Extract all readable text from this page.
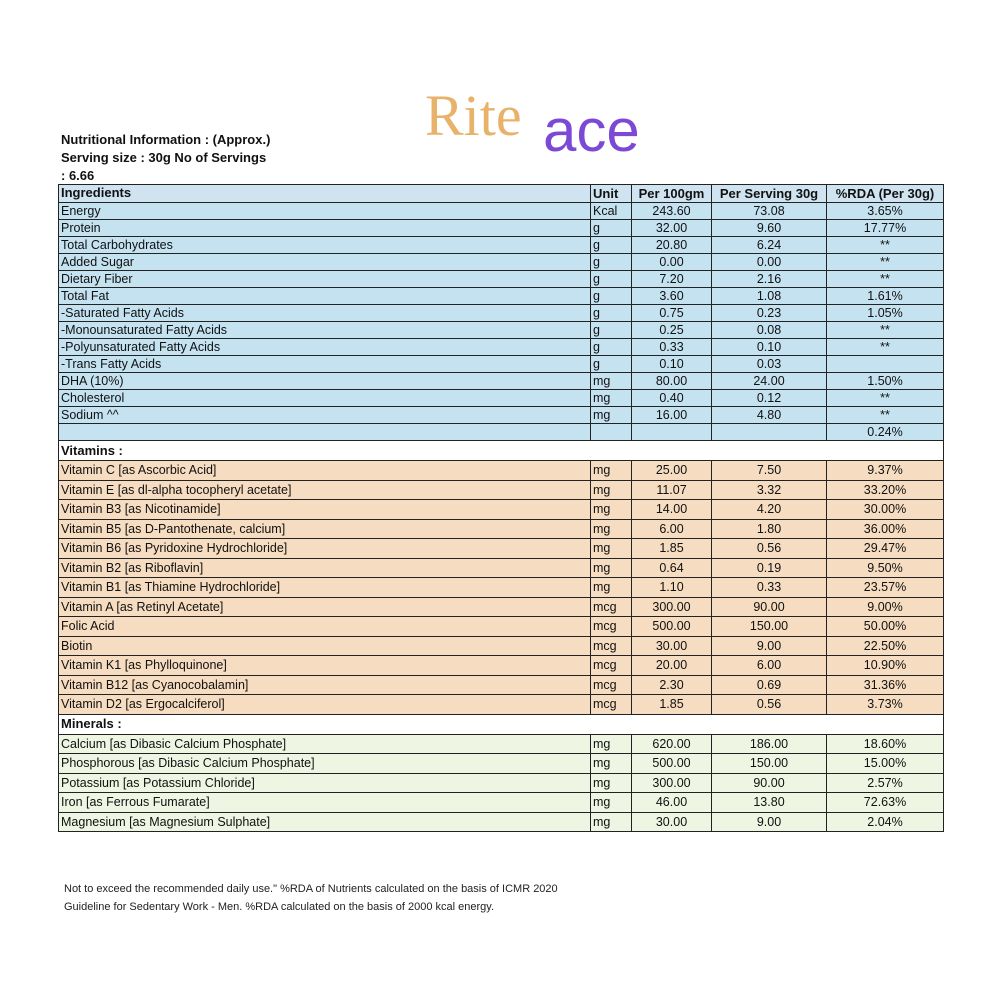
Rite ace
Nutritional Information : (Approx.)
Serving size : 30g No of Servings
: 6.66
Ingredients	Unit	Per 100gm	Per Serving 30g	%RDA (Per 30g)
Energy	Kcal	243.60	73.08	3.65%
Protein	g	32.00	9.60	17.77%
Total Carbohydrates	g	20.80	6.24	**
Added Sugar	g	0.00	0.00	**
Dietary Fiber	g	7.20	2.16	**
Total Fat	g	3.60	1.08	1.61%
-Saturated Fatty Acids	g	0.75	0.23	1.05%
-Monounsaturated Fatty Acids	g	0.25	0.08	**
-Polyunsaturated Fatty Acids	g	0.33	0.10	**
-Trans Fatty Acids	g	0.10	0.03	
DHA (10%)	mg	80.00	24.00	1.50%
Cholesterol	mg	0.40	0.12	**
Sodium ^^	mg	16.00	4.80	**
				0.24%
Vitamins :				
Vitamin C [as Ascorbic Acid]	mg	25.00	7.50	9.37%
Vitamin E [as dl-alpha tocopheryl acetate]	mg	11.07	3.32	33.20%
Vitamin B3 [as Nicotinamide]	mg	14.00	4.20	30.00%
Vitamin B5 [as D-Pantothenate, calcium]	mg	6.00	1.80	36.00%
Vitamin B6 [as Pyridoxine Hydrochloride]	mg	1.85	0.56	29.47%
Vitamin B2 [as Riboflavin]	mg	0.64	0.19	9.50%
Vitamin B1 [as Thiamine Hydrochloride]	mg	1.10	0.33	23.57%
Vitamin A [as Retinyl Acetate]	mcg	300.00	90.00	9.00%
Folic Acid	mcg	500.00	150.00	50.00%
Biotin	mcg	30.00	9.00	22.50%
Vitamin K1 [as Phylloquinone]	mcg	20.00	6.00	10.90%
Vitamin B12 [as Cyanocobalamin]	mcg	2.30	0.69	31.36%
Vitamin D2 [as Ergocalciferol]	mcg	1.85	0.56	3.73%
Minerals :				
Calcium [as Dibasic Calcium Phosphate]	mg	620.00	186.00	18.60%
Phosphorous [as Dibasic Calcium Phosphate]	mg	500.00	150.00	15.00%
Potassium [as Potassium Chloride]	mg	300.00	90.00	2.57%
Iron [as Ferrous Fumarate]	mg	46.00	13.80	72.63%
Magnesium [as Magnesium Sulphate]	mg	30.00	9.00	2.04%
Not to exceed the recommended daily use." %RDA of Nutrients calculated on the basis of ICMR 2020
Guideline for Sedentary Work - Men. %RDA calculated on the basis of 2000 kcal energy.
